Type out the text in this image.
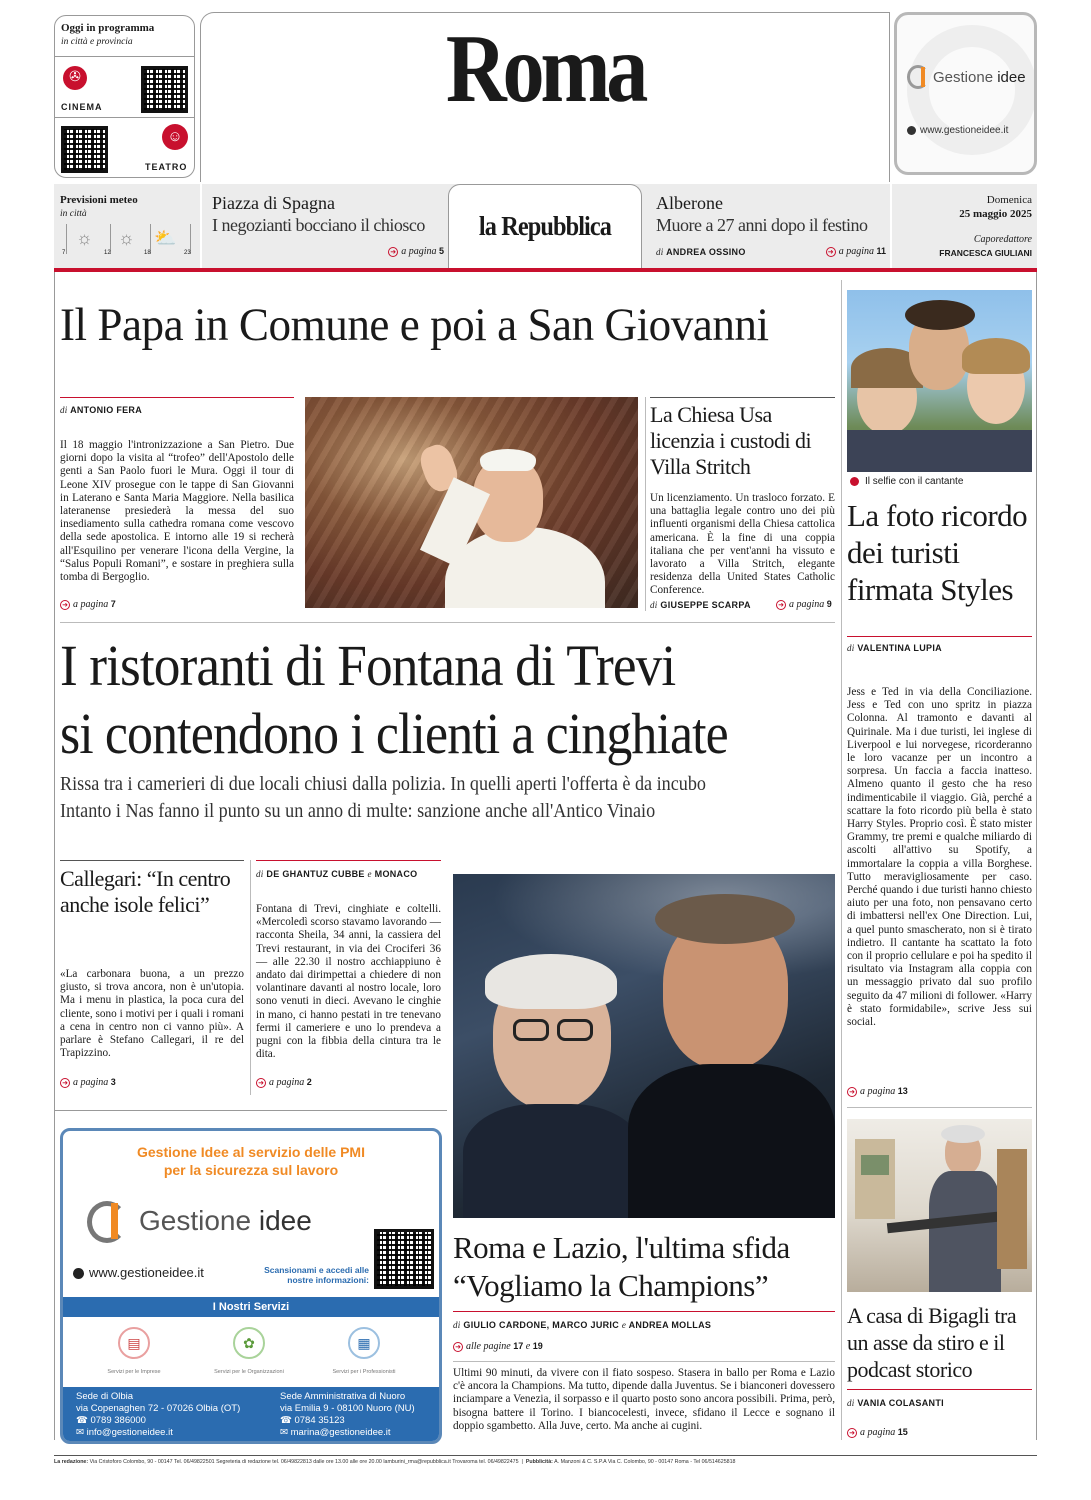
Oggi in programma
in città e provincia
✇
CINEMA
☺
TEATRO
Roma	Gestione idee
www.gestioneidee.it
Previsioni meteo
in città
☼ ☼ ⛅
7	12	18	23
Piazza di Spagna
I negozianti bocciano il chiosco
➜ a pagina 5
la Repubblica
Alberone
Muore a 27 anni dopo il festino
di ANDREA OSSINO	➜ a pagina 11
Domenica
25 maggio 2025
Caporedattore
FRANCESCA GIULIANI
Il Papa in Comune e poi a San Giovanni
di ANTONIO FERA
Il 18 maggio l'intronizzazione a San Pietro. Due giorni dopo la visita al “trofeo” dell'Apostolo delle genti a San Paolo fuori le Mura. Oggi il tour di Leone XIV prosegue con le tappe di San Giovanni in Laterano e Santa Maria Maggiore. Nella basilica lateranense presiederà la messa del suo insediamento sulla cathedra romana come vescovo della sede apostolica. E intorno alle 19 si recherà all'Esquilino per venerare l'icona della Vergine, la “Salus Populi Romani”, e sostare in preghiera sulla tomba di Bergoglio.
➜ a pagina 7
La Chiesa Usa licenzia i custodi di Villa Stritch
Un licenziamento. Un trasloco forzato. E una battaglia legale contro uno dei più influenti organismi della Chiesa cattolica americana. È la fine di una coppia italiana che per vent'anni ha vissuto e lavorato a Villa Stritch, elegante residenza della United States Catholic Conference.
di GIUSEPPE SCARPA	➜ a pagina 9
Il selfie con il cantante
La foto ricordo dei turisti firmata Styles
di VALENTINA LUPIA
Jess e Ted in via della Conciliazione. Jess e Ted con uno spritz in piazza Colonna. Al tramonto e davanti al Quirinale. Ma i due turisti, lei inglese di Liverpool e lui norvegese, ricorderanno le loro vacanze per un incontro a sorpresa. Un faccia a faccia inatteso. Almeno quanto il gesto che ha reso indimenticabile il viaggio. Già, perché a scattare la foto ricordo più bella è stato Harry Styles. Proprio così. È stato mister Grammy, tre premi e qualche miliardo di ascolti all'attivo su Spotify, a immortalare la coppia a villa Borghese. Tutto meravigliosamente per caso. Perché quando i due turisti hanno chiesto aiuto per una foto, non pensavano certo di imbattersi nell'ex One Direction. Lui, a quel punto smascherato, non si è tirato indietro. Il cantante ha scattato la foto con il proprio cellulare e poi ha spedito il risultato via Instagram alla coppia con un messaggio privato dal suo profilo seguito da 47 milioni di follower. «Harry è stato formidabile», scrive Jess sui social.
➜ a pagina 13
I ristoranti di Fontana di Trevi
si contendono i clienti a cinghiate
Rissa tra i camerieri di due locali chiusi dalla polizia. In quelli aperti l'offerta è da incubo
Intanto i Nas fanno il punto su un anno di multe: sanzione anche all'Antico Vinaio
Callegari: “In centro anche isole felici”
«La carbonara buona, a un prezzo giusto, si trova ancora, non è un'utopia. Ma i menu in plastica, la poca cura del cliente, sono i motivi per i quali i romani a cena in centro non ci vanno più». A parlare è Stefano Callegari, il re del Trapizzino.
➜ a pagina 3
di DE GHANTUZ CUBBE e MONACO
Fontana di Trevi, cinghiate e coltelli. «Mercoledì scorso stavamo lavorando — racconta Sheila, 34 anni, la cassiera del Trevi restaurant, in via dei Crociferi 36 — alle 22.30 il nostro acchiappiuno è andato dai dirimpettai a chiedere di non volantinare davanti al nostro locale, loro sono venuti in dieci. Avevano le cinghie in mano, ci hanno pestati in tre tenevano fermi il cameriere e uno lo prendeva a pugni con la fibbia della cintura tra le dita.
➜ a pagina 2
Roma e Lazio, l'ultima sfida “Vogliamo la Champions”
di GIULIO CARDONE, MARCO JURIC e ANDREA MOLLAS
➜ alle pagine 17 e 19
Ultimi 90 minuti, da vivere con il fiato sospeso. Stasera in ballo per Roma e Lazio c'è ancora la Champions. Ma tutto, dipende dalla Juventus. Se i bianconeri dovessero inciampare a Venezia, il sorpasso e il quarto posto sono ancora possibili. Prima, però, bisogna battere il Torino. I biancocelesti, invece, sfidano il Lecce e sognano il doppio sgambetto. Alla Juve, certo. Ma anche ai cugini.
A casa di Bigagli tra un asse da stiro e il podcast storico
di VANIA COLASANTI
➜ a pagina 15
Gestione Idee al servizio delle PMI
per la sicurezza sul lavoro
Gestione idee
www.gestioneidee.it	Scansionami e accedi alle nostre informazioni:
I Nostri Servizi
▤	✿	▦
Servizi per le Imprese	Servizi per le Organizzazioni	Servizi per i Professionisti
Sede di Olbia
via Copenaghen 72 - 07026 Olbia (OT)
☎ 0789 386000
✉ info@gestioneidee.it
Sede Amministrativa di Nuoro
via Emilia 9 - 08100 Nuoro (NU)
☎ 0784 35123
✉ marina@gestioneidee.it
La redazione: Via Cristoforo Colombo, 90 - 00147 Tel. 06/49822501 Segreteria di redazione tel. 06/49822813 dalle ore 13.00 alle ore 20.00 lamburini_rma@repubblica.it Trovaroma tel. 06/49822475  |  Pubblicità: A. Manzoni & C. S.P.A Via C. Colombo, 90 - 00147 Roma - Tel 06/514625818
